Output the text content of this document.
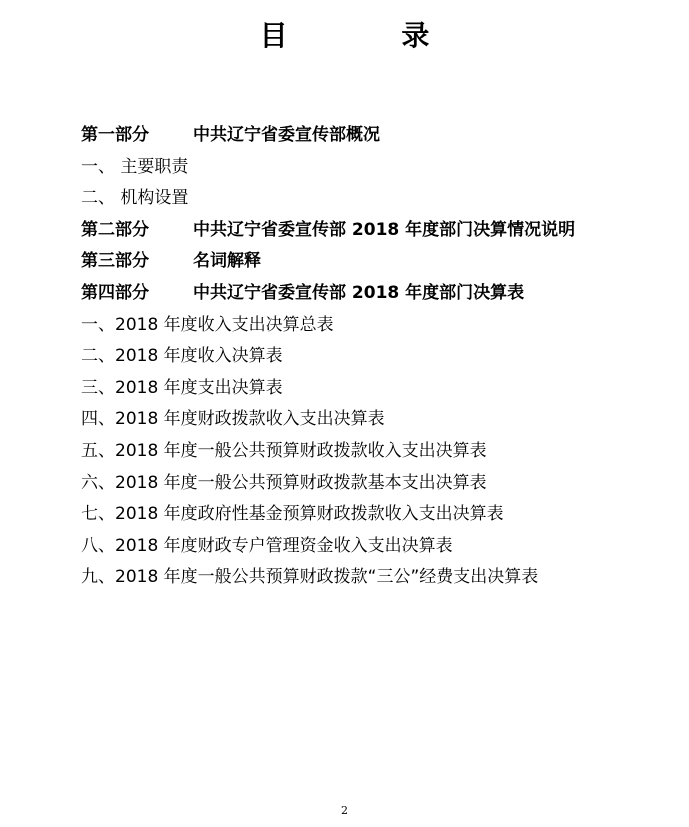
目 录
第一部分	中共辽宁省委宣传部概况
一、 主要职责
二、 机构设置
第二部分	中共辽宁省委宣传部 2018 年度部门决算情况说明
第三部分	名词解释
第四部分	中共辽宁省委宣传部 2018 年度部门决算表
一、2018 年度收入支出决算总表
二、2018 年度收入决算表
三、2018 年度支出决算表
四、2018 年度财政拨款收入支出决算表
五、2018 年度一般公共预算财政拨款收入支出决算表
六、2018 年度一般公共预算财政拨款基本支出决算表
七、2018 年度政府性基金预算财政拨款收入支出决算表
八、2018 年度财政专户管理资金收入支出决算表
九、2018 年度一般公共预算财政拨款“三公”经费支出决算表
2
